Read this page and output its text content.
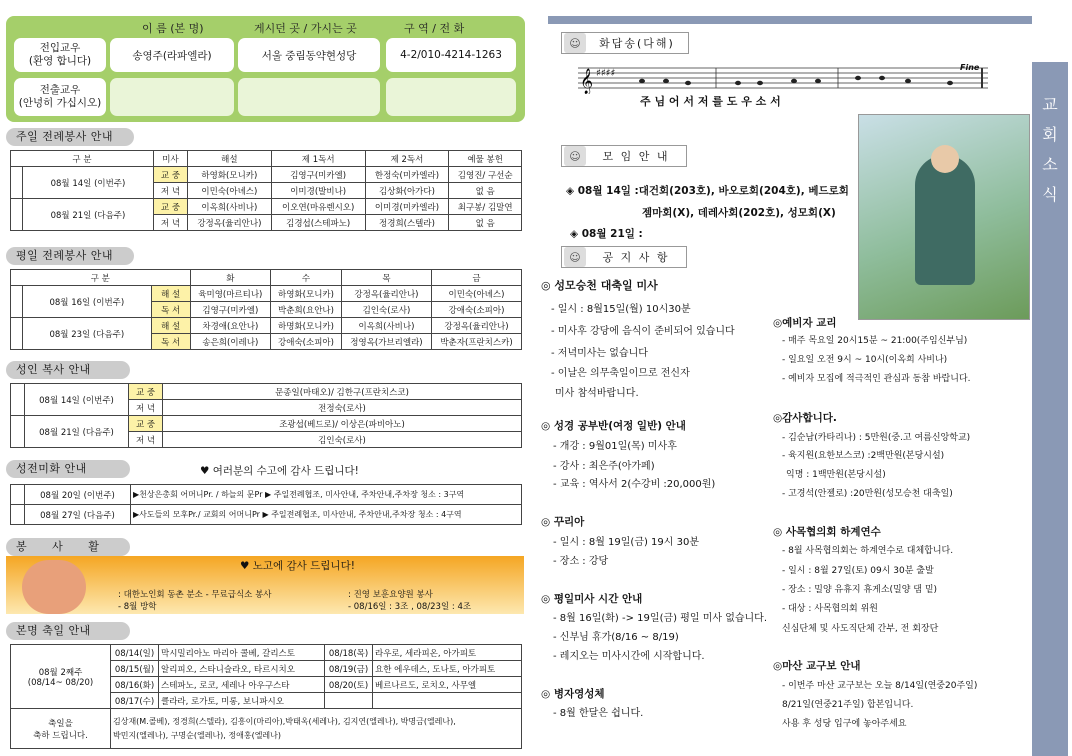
이 름 (본 명)	게시던 곳 / 가시는 곳	구 역 / 전 화
전입교우
(환영 합니다)	송영주(라파엘라)	서울 중림동약현성당	4-2/010-4214-1263
전출교우
(안녕히 가십시오)
주일 전례봉사 안내
구 분		미사	해설	제 1독서	제 2독서	예물 봉헌
	08월 14일 (이번주)	교 중	하영화(모니카)	김영구(미카엘)	한정숙(미카엘라)	김영진/ 구선순
		저 녁	이민숙(아녜스)	이미경(발비나)	김상화(아가다)	없 음
	08월 21일 (다음주)	교 중	이옥희(사비나)	이오연(마유렌시오)	이미경(미카엘라)	최구봉/ 김말연
		저 녁	강정옥(율리안나)	김경섭(스테파노)	정경희(스텔라)	없 음
평일 전례봉사 안내
구 분			화	수	목	금
	08월 16일 (이번주)	해 설	육미영(마르티나)	하영화(모니카)	강정옥(율리안나)	이민숙(아녜스)
		독 서	김영구(미카엘)	박춘희(요안나)	김인숙(로사)	강애숙(소피아)
	08월 23일 (다음주)	해 설	차경애(요안나)	하명화(모니카)	이옥희(사비나)	강정옥(율리안나)
		독 서	송은희(이레나)	강애숙(소피아)	정영옥(가브리엘라)	박춘자(프란치스카)
성인 복사 안내
	08월 14일 (이번주)	교 중	문종일(마태오)/ 김한구(프란치스코)
		저 녁	전정숙(로사)
	08월 21일 (다음주)	교 중	조광섭(베드로)/ 이상은(파비아노)
		저 녁	김인숙(로사)
성전미화 안내	♥ 여러분의 수고에 감사 드립니다!
	08월 20일 (이번주)	▶천상은총회 어머니Pr. / 하늘의 문Pr ▶ 주일전례협조, 미사안내, 주차안내,주차장 청소 : 3구역
	08월 27일 (다음주)	▶사도들의 모후Pr./ 교회의 어머니Pr ▶ 주일전례협조, 미사안내, 주차안내,주차장 청소 : 4구역
봉 사 활
♥ 노고에 감사 드립니다!
: 대한노인회 동촌 분소 - 무료급식소 봉사
- 8월 방학
: 진영 보훈요양원 봉사
- 08/16일 : 3조 , 08/23일 : 4조
본명 축일 안내
08월 2째주
(08/14~ 08/20)	08/14(일)	막시밀리아노 마리아 콜베, 갈리스토	08/18(목)	라우로, 세라피온, 아가피토
	08/15(월)	알리피오, 스타니슬라오, 타르시치오	08/19(금)	요한 에우데스, 도나토, 아가피토
	08/16(화)	스테파노, 로코, 세레나 아우구스타	08/20(토)	베르나르도, 로치오, 사무엘
	08/17(수)	클라라, 로가토, 미롱, 보니파시오		
축일을
축하 드립니다.

김상재(M.콜베), 정경희(스텔라), 김흥이(마리아),박태옥(세레나), 김지연(엘레나), 박명금(엘레나),
박민지(엘레나), 구명순(엘레나), 정애홍(엘레나)
교
회
소
식
☺	화답송(다해)
𝄞 ♯♯♯♯
Fine
주 님 어 서 저 를 도 우 소 서
☺	모 임 안 내
◈ 08월 14일 :대건회(203호), 바오로회(204호), 베드로회
젬마회(X), 데레사회(202호), 성모회(X)
◈ 08월 21일 :
☺	공 지 사 항
◎ 성모승천 대축일 미사
- 일시 : 8월15일(월) 10시30분
- 미사후 강당에 음식이 준비되어 있습니다
- 저녁미사는 없습니다
- 이날은 의무축일이므로 전신자
미사 참석바랍니다.
◎ 성경 공부반(여정 일반) 안내
- 개강 : 9월01일(목) 미사후
- 강사 : 최은주(아가페)
- 교육 : 역사서 2(수강비 :20,000원)
◎ 꾸리아
- 일시 : 8월 19일(금) 19시 30분
- 장소 : 강당
◎ 평일미사 시간 안내
- 8월 16일(화) -> 19일(금) 평일 미사 없습니다.
- 신부님 휴가(8/16 ~ 8/19)
- 레지오는 미사시간에 시작합니다.
◎ 병자영성체
- 8월 한달은 쉽니다.
◎예비자 교리
- 매주 목요일 20시15분 ~ 21:00(주임신부님)
- 일요일 오전 9시 ~ 10시(이옥희 사비나)
- 예비자 모집에 적극적인 관심과 동참 바랍니다.
◎감사합니다.
- 김순남(카타리나) : 5만원(중.고 여름신앙학교)
- 육지원(요한보스코) :2백만원(본당시설)
익명 : 1백만원(본당시설)
- 고경석(안젤로) :20만원(성모승천 대축일)
◎ 사목협의회 하계연수
- 8월 사목협의회는 하계연수로 대체합니다.
- 일시 : 8월 27일(토) 09시 30분 출발
- 장소 : 밀양 유휴지 휴게소(밀양 댐 밑)
- 대상 : 사목협의회 위원
신심단체 및 사도직단체 간부, 전 회장단
◎마산 교구보 안내
- 이번주 마산 교구보는 오늘 8/14일(연중20주일)
8/21일(연중21주일) 합본입니다.
사용 후 성당 입구에 놓아주세요
